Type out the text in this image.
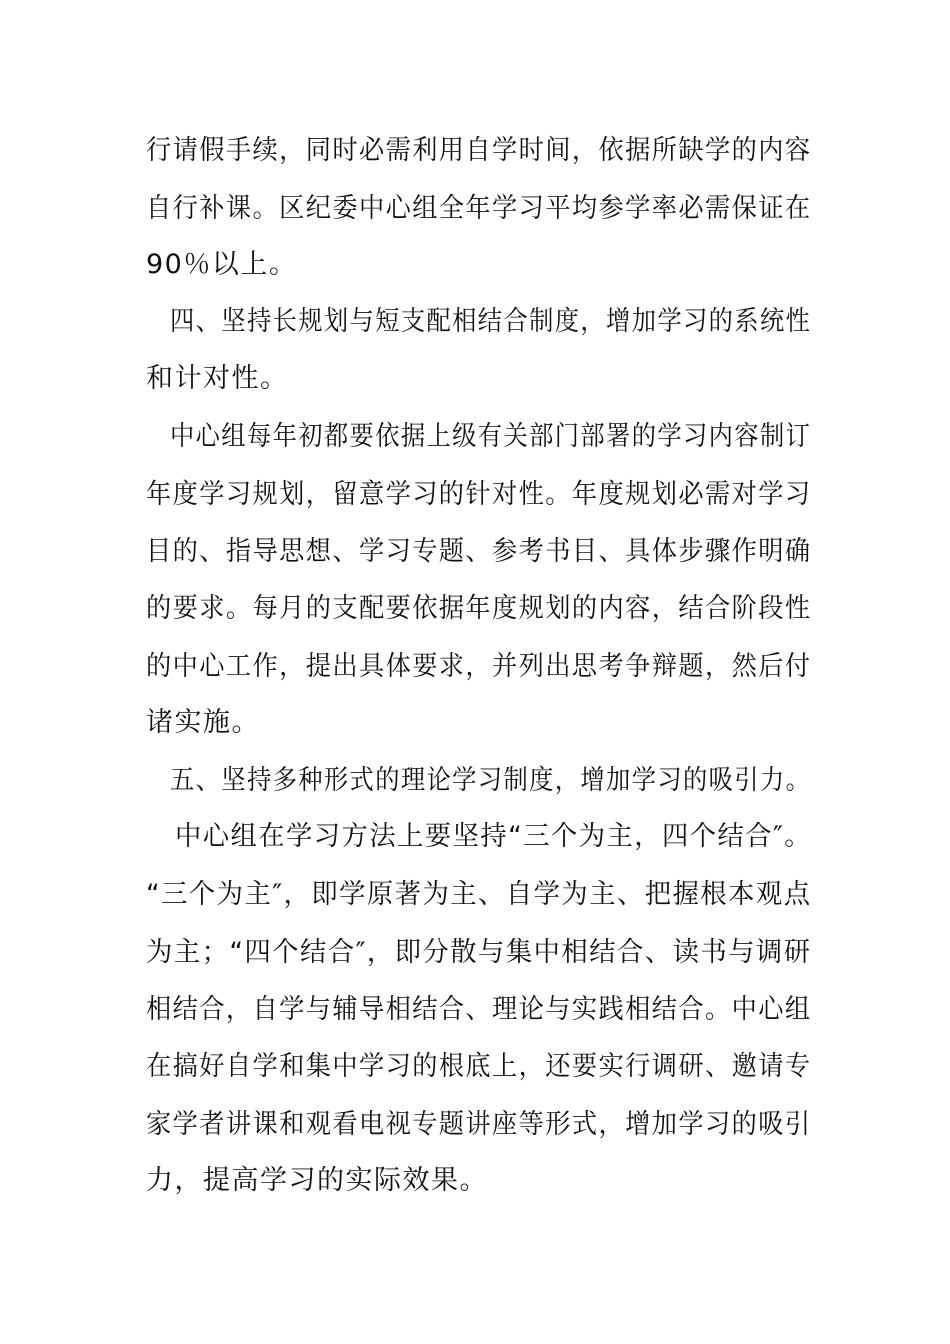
行请假手续，同时必需利用自学时间，依据所缺学的内容
自行补课。区纪委中心组全年学习平均参学率必需保证在
90％以上。
四、坚持长规划与短支配相结合制度，增加学习的系统性
和计对性。
中心组每年初都要依据上级有关部门部署的学习内容制订
年度学习规划，留意学习的针对性。年度规划必需对学习
目的、指导思想、学习专题、参考书目、具体步骤作明确
的要求。每月的支配要依据年度规划的内容，结合阶段性
的中心工作，提出具体要求，并列出思考争辩题，然后付
诸实施。
五、坚持多种形式的理论学习制度，增加学习的吸引力。
中心组在学习方法上要坚持“三个为主，四个结合″。
“三个为主″，即学原著为主、自学为主、把握根本观点
为主；“四个结合″，即分散与集中相结合、读书与调研
相结合，自学与辅导相结合、理论与实践相结合。中心组
在搞好自学和集中学习的根底上，还要实行调研、邀请专
家学者讲课和观看电视专题讲座等形式，增加学习的吸引
力，提高学习的实际效果。
